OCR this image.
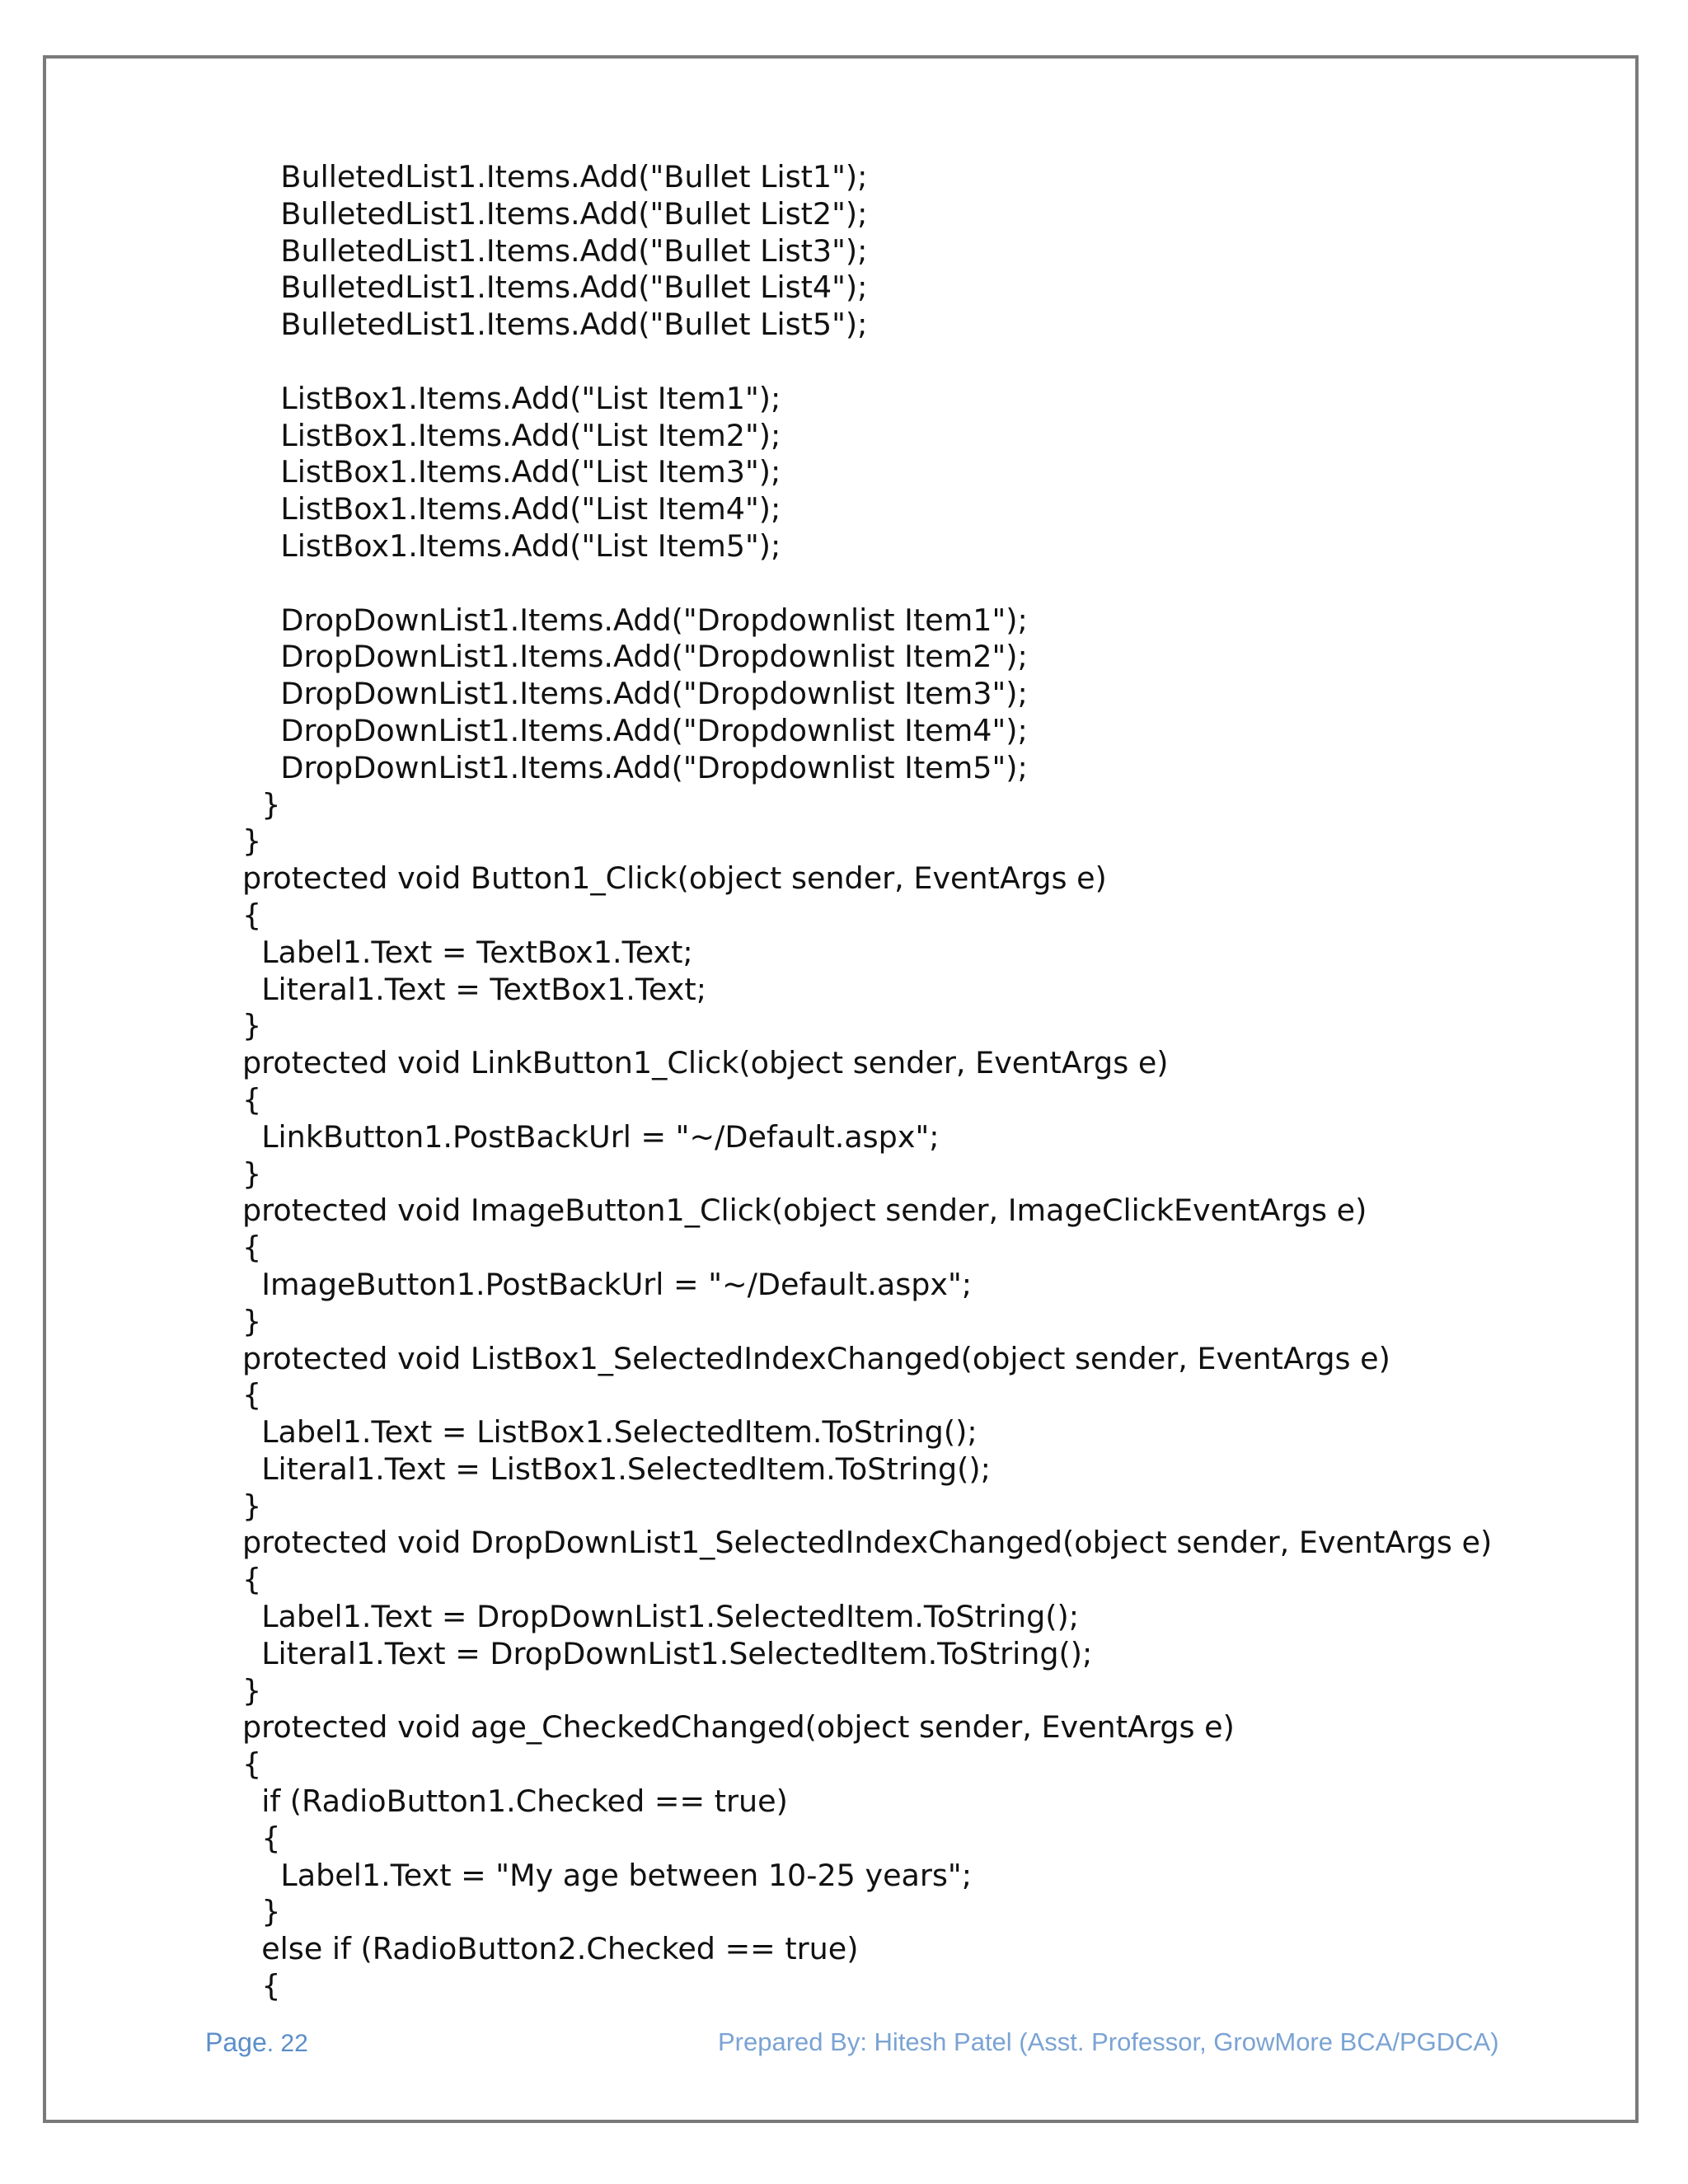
BulletedList1.Items.Add("Bullet List1");
BulletedList1.Items.Add("Bullet List2");
BulletedList1.Items.Add("Bullet List3");
BulletedList1.Items.Add("Bullet List4");
BulletedList1.Items.Add("Bullet List5");
ListBox1.Items.Add("List Item1");
ListBox1.Items.Add("List Item2");
ListBox1.Items.Add("List Item3");
ListBox1.Items.Add("List Item4");
ListBox1.Items.Add("List Item5");
DropDownList1.Items.Add("Dropdownlist Item1");
DropDownList1.Items.Add("Dropdownlist Item2");
DropDownList1.Items.Add("Dropdownlist Item3");
DropDownList1.Items.Add("Dropdownlist Item4");
DropDownList1.Items.Add("Dropdownlist Item5");
}
}
protected void Button1_Click(object sender, EventArgs e)
{
Label1.Text = TextBox1.Text;
Literal1.Text = TextBox1.Text;
}
protected void LinkButton1_Click(object sender, EventArgs e)
{
LinkButton1.PostBackUrl = "~/Default.aspx";
}
protected void ImageButton1_Click(object sender, ImageClickEventArgs e)
{
ImageButton1.PostBackUrl = "~/Default.aspx";
}
protected void ListBox1_SelectedIndexChanged(object sender, EventArgs e)
{
Label1.Text = ListBox1.SelectedItem.ToString();
Literal1.Text = ListBox1.SelectedItem.ToString();
}
protected void DropDownList1_SelectedIndexChanged(object sender, EventArgs e)
{
Label1.Text = DropDownList1.SelectedItem.ToString();
Literal1.Text = DropDownList1.SelectedItem.ToString();
}
protected void age_CheckedChanged(object sender, EventArgs e)
{
if (RadioButton1.Checked == true)
{
Label1.Text = "My age between 10-25 years";
}
else if (RadioButton2.Checked == true)
{
Page. 22	Prepared By: Hitesh Patel (Asst. Professor, GrowMore BCA/PGDCA)
